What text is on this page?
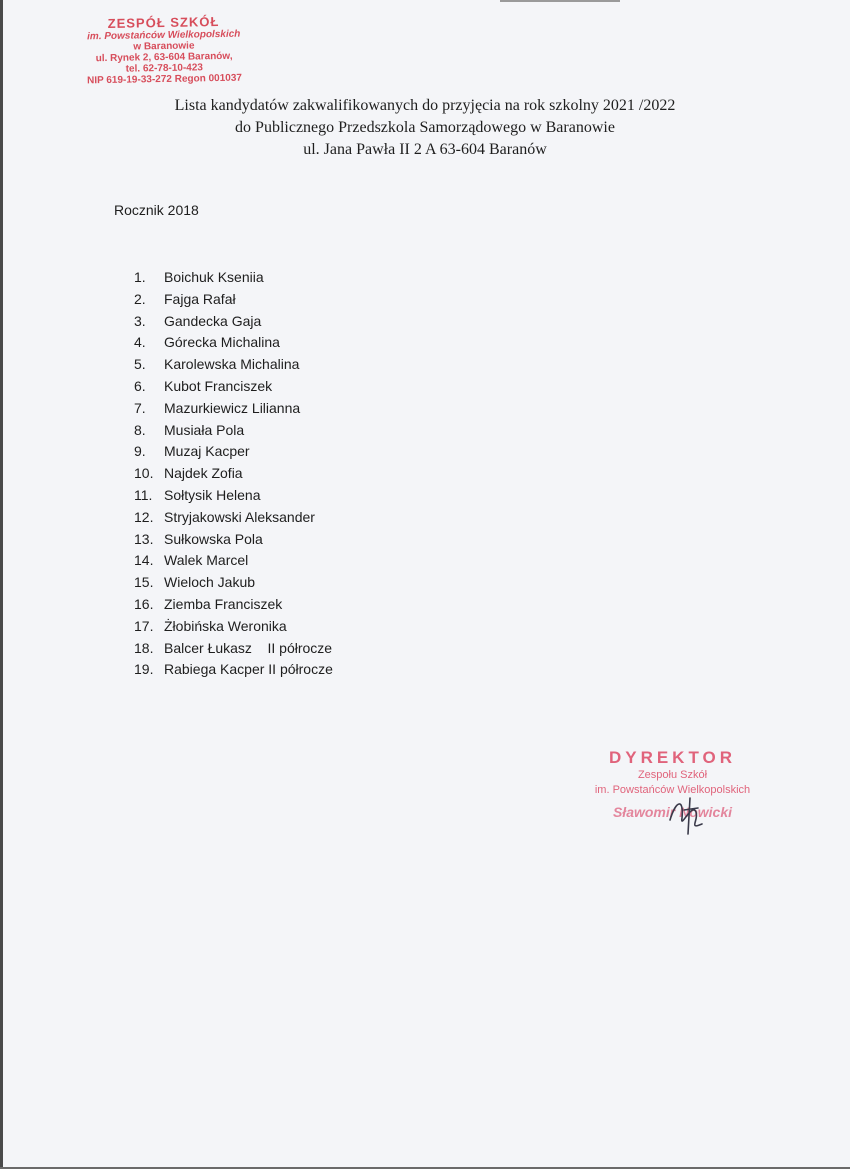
ZESPÓŁ SZKÓŁ
im. Powstańców Wielkopolskich
w Baranowie
ul. Rynek 2, 63-604 Baranów,
tel. 62-78-10-423
NIP 619-19-33-272 Regon 001037
Lista kandydatów zakwalifikowanych do przyjęcia na rok szkolny 2021 /2022
do Publicznego Przedszkola Samorządowego w Baranowie
ul. Jana Pawła II 2 A 63-604 Baranów
Rocznik 2018
1. Boichuk Kseniia
2. Fajga Rafał
3. Gandecka Gaja
4. Górecka Michalina
5. Karolewska Michalina
6. Kubot Franciszek
7. Mazurkiewicz Lilianna
8. Musiała Pola
9. Muzaj Kacper
10. Najdek Zofia
11. Sołtysik Helena
12. Stryjakowski Aleksander
13. Sułkowska Pola
14. Walek Marcel
15. Wieloch Jakub
16. Ziemba Franciszek
17. Żłobińska Weronika
18. Balcer Łukasz    II półrocze
19. Rabiega Kacper II półrocze
DYREKTOR
Zespołu Szkół
im. Powstańców Wielkopolskich
Sławomir Nowicki
